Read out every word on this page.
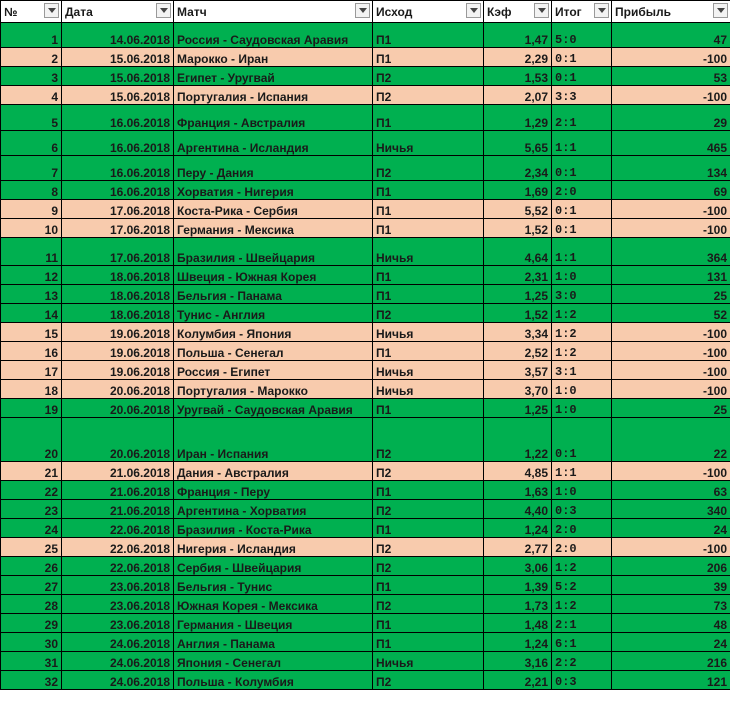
№	Дата	Матч	Исход	Кэф	Итог	Прибыль

1	14.06.2018	Россия - Саудовская Аравия	П1	1,47	5:0	47
2	15.06.2018	Марокко - Иран	П1	2,29	0:1	-100
3	15.06.2018	Египет - Уругвай	П2	1,53	0:1	53
4	15.06.2018	Португалия - Испания	П2	2,07	3:3	-100
5	16.06.2018	Франция - Австралия	П1	1,29	2:1	29
6	16.06.2018	Аргентина - Исландия	Ничья	5,65	1:1	465
7	16.06.2018	Перу - Дания	П2	2,34	0:1	134
8	16.06.2018	Хорватия - Нигерия	П1	1,69	2:0	69
9	17.06.2018	Коста-Рика - Сербия	П1	5,52	0:1	-100
10	17.06.2018	Германия - Мексика	П1	1,52	0:1	-100
11	17.06.2018	Бразилия - Швейцария	Ничья	4,64	1:1	364
12	18.06.2018	Швеция - Южная Корея	П1	2,31	1:0	131
13	18.06.2018	Бельгия - Панама	П1	1,25	3:0	25
14	18.06.2018	Тунис - Англия	П2	1,52	1:2	52
15	19.06.2018	Колумбия - Япония	Ничья	3,34	1:2	-100
16	19.06.2018	Польша - Сенегал	П1	2,52	1:2	-100
17	19.06.2018	Россия - Египет	Ничья	3,57	3:1	-100
18	20.06.2018	Португалия - Марокко	Ничья	3,70	1:0	-100
19	20.06.2018	Уругвай - Саудовская Аравия	П1	1,25	1:0	25
20	20.06.2018	Иран - Испания	П2	1,22	0:1	22
21	21.06.2018	Дания - Австралия	П2	4,85	1:1	-100
22	21.06.2018	Франция - Перу	П1	1,63	1:0	63
23	21.06.2018	Аргентина - Хорватия	П2	4,40	0:3	340
24	22.06.2018	Бразилия - Коста-Рика	П1	1,24	2:0	24
25	22.06.2018	Нигерия - Исландия	П2	2,77	2:0	-100
26	22.06.2018	Сербия - Швейцария	П2	3,06	1:2	206
27	23.06.2018	Бельгия - Тунис	П1	1,39	5:2	39
28	23.06.2018	Южная Корея - Мексика	П2	1,73	1:2	73
29	23.06.2018	Германия - Швеция	П1	1,48	2:1	48
30	24.06.2018	Англия - Панама	П1	1,24	6:1	24
31	24.06.2018	Япония - Сенегал	Ничья	3,16	2:2	216
32	24.06.2018	Польша - Колумбия	П2	2,21	0:3	121
